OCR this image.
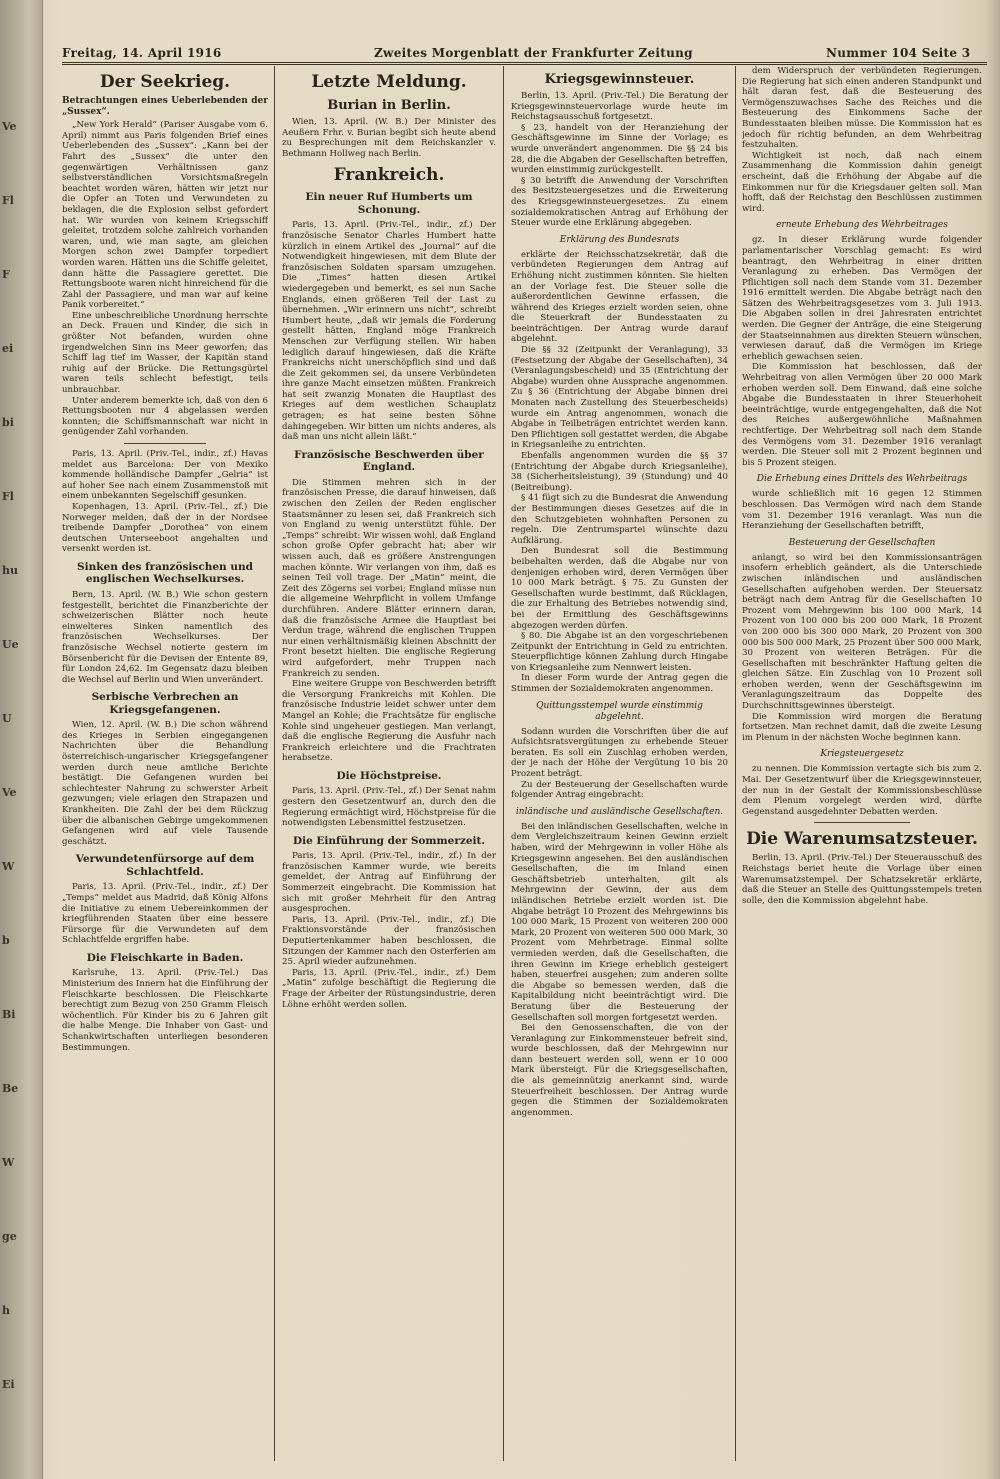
Ve
Fl
F
ei
bi
Fl
hu
Ue
U
Ve
W
b
Bi
Be
W
ge
h
Ei
Freitag, 14. April 1916	Zweites Morgenblatt der Frankfurter Zeitung	Nummer 104 Seite 3
Der Seekrieg.
Betrachtungen eines Ueberlebenden der „Sussex“.
„New York Herald“ (Pariser Ausgabe vom 6. April) nimmt aus Paris folgenden Brief eines Ueberlebenden des „Sussex“: „Kann bei der Fahrt des „Sussex“ die unter den gegenwärtigen Verhältnissen ganz selbstverständlichen Vorsichtsmaßregeln beachtet worden wären, hätten wir jetzt nur die Opfer an Toten und Verwundeten zu beklagen, die die Explosion selbst gefordert hat. Wir wurden von keinem Kriegsschiff geleitet, trotzdem solche zahlreich vorhanden waren, und, wie man sagte, am gleichen Morgen schon zwei Dampfer torpediert worden waren. Hätten uns die Schiffe geleitet, dann hätte die Passagiere gerettet. Die Rettungsboote waren nicht hinreichend für die Zahl der Passagiere, und man war auf keine Panik vorbereitet.“
Eine unbeschreibliche Unordnung herrschte an Deck. Frauen und Kinder, die sich in größter Not befanden, wurden ohne irgendwelchen Sinn ins Meer geworfen; das Schiff lag tief im Wasser, der Kapitän stand ruhig auf der Brücke. Die Rettungsgürtel waren teils schlecht befestigt, teils unbrauchbar.
Unter anderem bemerkte ich, daß von den 6 Rettungsbooten nur 4 abgelassen werden konnten; die Schiffsmannschaft war nicht in genügender Zahl vorhanden.
Paris, 13. April. (Priv.-Tel., indir., zf.) Havas meldet aus Barcelona: Der von Mexiko kommende holländische Dampfer „Gelria“ ist auf hoher See nach einem Zusammenstoß mit einem unbekannten Segelschiff gesunken.
Kopenhagen, 13. April. (Priv.-Tel., zf.) Die Norweger melden, daß der in der Nordsee treibende Dampfer „Dorothea“ von einem deutschen Unterseeboot angehalten und versenkt worden ist.
Sinken des französischen und englischen Wechselkurses.
Bern, 13. April. (W. B.) Wie schon gestern festgestellt, berichtet die Finanzberichte der schweizerischen Blätter noch heute einwelteres Sinken namentlich des französischen Wechselkurses. Der französische Wechsel notierte gestern im Börsenbericht für die Devisen der Entente 89, für London 24,62. Im Gegensatz dazu bleiben die Wechsel auf Berlin und Wien unverändert.
Serbische Verbrechen an Kriegsgefangenen.
Wien, 12. April. (W. B.) Die schon während des Krieges in Serbien eingegangenen Nachrichten über die Behandlung österreichisch-ungarischer Kriegsgefangener werden durch neue amtliche Berichte bestätigt. Die Gefangenen wurden bei schlechtester Nahrung zu schwerster Arbeit gezwungen; viele erlagen den Strapazen und Krankheiten. Die Zahl der bei dem Rückzug über die albanischen Gebirge umgekommenen Gefangenen wird auf viele Tausende geschätzt.
Verwundetenfürsorge auf dem Schlachtfeld.
Paris, 13. April. (Priv.-Tel., indir., zf.) Der „Temps“ meldet aus Madrid, daß König Alfons die Initiative zu einem Uebereinkommen der kriegführenden Staaten über eine bessere Fürsorge für die Verwundeten auf dem Schlachtfelde ergriffen habe.
Die Fleischkarte in Baden.
Karlsruhe, 13. April. (Priv.-Tel.) Das Ministerium des Innern hat die Einführung der Fleischkarte beschlossen. Die Fleischkarte berechtigt zum Bezug von 250 Gramm Fleisch wöchentlich. Für Kinder bis zu 6 Jahren gilt die halbe Menge. Die Inhaber von Gast- und Schankwirtschaften unterliegen besonderen Bestimmungen.
Letzte Meldung.
Burian in Berlin.
Wien, 13. April. (W. B.) Der Minister des Aeußern Frhr. v. Burian begibt sich heute abend zu Besprechungen mit dem Reichskanzler v. Bethmann Hollweg nach Berlin.
Frankreich.
Ein neuer Ruf Humberts um Schonung.
Paris, 13. April. (Priv.-Tel., indir., zf.) Der französische Senator Charles Humbert hatte kürzlich in einem Artikel des „Journal“ auf die Notwendigkeit hingewiesen, mit dem Blute der französischen Soldaten sparsam umzugehen. Die „Times“ hatten diesen Artikel wiedergegeben und bemerkt, es sei nun Sache Englands, einen größeren Teil der Last zu übernehmen. „Wir erinnern uns nicht“, schreibt Humbert heute, „daß wir jemals die Forderung gestellt hätten, England möge Frankreich Menschen zur Verfügung stellen. Wir haben lediglich darauf hingewiesen, daß die Kräfte Frankreichs nicht unerschöpflich sind und daß die Zeit gekommen sei, da unsere Verbündeten ihre ganze Macht einsetzen müßten. Frankreich hat seit zwanzig Monaten die Hauptlast des Krieges auf dem westlichen Schauplatz getragen; es hat seine besten Söhne dahingegeben. Wir bitten um nichts anderes, als daß man uns nicht allein läßt.“
Französische Beschwerden über England.
Die Stimmen mehren sich in der französischen Presse, die darauf hinweisen, daß zwischen den Zeilen der Reden englischer Staatsmänner zu lesen sei, daß Frankreich sich von England zu wenig unterstützt fühle. Der „Temps“ schreibt: Wir wissen wohl, daß England schon große Opfer gebracht hat; aber wir wissen auch, daß es größere Anstrengungen machen könnte. Wir verlangen von ihm, daß es seinen Teil voll trage. Der „Matin“ meint, die Zeit des Zögerns sei vorbei; England müsse nun die allgemeine Wehrpflicht in vollem Umfange durchführen. Andere Blätter erinnern daran, daß die französische Armee die Hauptlast bei Verdun trage, während die englischen Truppen nur einen verhältnismäßig kleinen Abschnitt der Front besetzt hielten. Die englische Regierung wird aufgefordert, mehr Truppen nach Frankreich zu senden.
Eine weitere Gruppe von Beschwerden betrifft die Versorgung Frankreichs mit Kohlen. Die französische Industrie leidet schwer unter dem Mangel an Kohle; die Frachtsätze für englische Kohle sind ungeheuer gestiegen. Man verlangt, daß die englische Regierung die Ausfuhr nach Frankreich erleichtere und die Frachtraten herabsetze.
Die Höchstpreise.
Paris, 13. April. (Priv.-Tel., zf.) Der Senat nahm gestern den Gesetzentwurf an, durch den die Regierung ermächtigt wird, Höchstpreise für die notwendigsten Lebensmittel festzusetzen.
Die Einführung der Sommerzeit.
Paris, 13. April. (Priv.-Tel., indir., zf.) In der französischen Kammer wurde, wie bereits gemeldet, der Antrag auf Einführung der Sommerzeit eingebracht. Die Kommission hat sich mit großer Mehrheit für den Antrag ausgesprochen.
Paris, 13. April. (Priv.-Tel., indir., zf.) Die Fraktionsvorstände der französischen Deputiertenkammer haben beschlossen, die Sitzungen der Kammer nach den Osterferien am 25. April wieder aufzunehmen.
Paris, 13. April. (Priv.-Tel., indir., zf.) Dem „Matin“ zufolge beschäftigt die Regierung die Frage der Arbeiter der Rüstungsindustrie, deren Löhne erhöht werden sollen.
Kriegsgewinnsteuer.
Berlin, 13. April. (Priv.-Tel.) Die Beratung der Kriegsgewinnsteuervorlage wurde heute im Reichstagsausschuß fortgesetzt.
§ 23, handelt von der Heranziehung der Geschäftsgewinne im Sinne der Vorlage; es wurde unverändert angenommen. Die §§ 24 bis 28, die die Abgaben der Gesellschaften betreffen, wurden einstimmig zurückgestellt.
§ 30 betrifft die Anwendung der Vorschriften des Besitzsteuergesetzes und die Erweiterung des Kriegsgewinnsteuergesetzes. Zu einem sozialdemokratischen Antrag auf Erhöhung der Steuer wurde eine Erklärung abgegeben.
Erklärung des Bundesrats
erklärte der Reichsschatzsekretär, daß die verbündeten Regierungen dem Antrag auf Erhöhung nicht zustimmen könnten. Sie hielten an der Vorlage fest. Die Steuer solle die außerordentlichen Gewinne erfassen, die während des Krieges erzielt worden seien, ohne die Steuerkraft der Bundesstaaten zu beeinträchtigen. Der Antrag wurde darauf abgelehnt.
Die §§ 32 (Zeitpunkt der Veranlagung), 33 (Festsetzung der Abgabe der Gesellschaften), 34 (Veranlagungsbescheid) und 35 (Entrichtung der Abgabe) wurden ohne Aussprache angenommen. Zu § 36 (Entrichtung der Abgabe binnen drei Monaten nach Zustellung des Steuerbescheids) wurde ein Antrag angenommen, wonach die Abgabe in Teilbeträgen entrichtet werden kann. Den Pflichtigen soll gestattet werden, die Abgabe in Kriegsanleihe zu entrichten.
Ebenfalls angenommen wurden die §§ 37 (Entrichtung der Abgabe durch Kriegsanleihe), 38 (Sicherheitsleistung), 39 (Stundung) und 40 (Beitreibung).
§ 41 fügt sich zu die Bundesrat die Anwendung der Bestimmungen dieses Gesetzes auf die in den Schutzgebieten wohnhaften Personen zu regeln. Die Zentrumspartei wünschte dazu Aufklärung.
Den Bundesrat soll die Bestimmung beibehalten werden, daß die Abgabe nur von denjenigen erhoben wird, deren Vermögen über 10 000 Mark beträgt. § 75. Zu Gunsten der Gesellschaften wurde bestimmt, daß Rücklagen, die zur Erhaltung des Betriebes notwendig sind, bei der Ermittlung des Geschäftsgewinns abgezogen werden dürfen.
§ 80. Die Abgabe ist an den vorgeschriebenen Zeitpunkt der Entrichtung in Geld zu entrichten. Steuerpflichtige können Zahlung durch Hingabe von Kriegsanleihe zum Nennwert leisten.
In dieser Form wurde der Antrag gegen die Stimmen der Sozialdemokraten angenommen.
Quittungsstempel wurde einstimmig abgelehnt.
Sodann wurden die Vorschriften über die auf Aufsichtsratsvergütungen zu erhebende Steuer beraten. Es soll ein Zuschlag erhoben werden, der je nach der Höhe der Vergütung 10 bis 20 Prozent beträgt.
Zu der Besteuerung der Gesellschaften wurde folgender Antrag eingebracht:
inländische und ausländische Gesellschaften.
Bei den inländischen Gesellschaften, welche in dem Vergleichszeitraum keinen Gewinn erzielt haben, wird der Mehrgewinn in voller Höhe als Kriegsgewinn angesehen. Bei den ausländischen Gesellschaften, die im Inland einen Geschäftsbetrieb unterhalten, gilt als Mehrgewinn der Gewinn, der aus dem inländischen Betriebe erzielt worden ist. Die Abgabe beträgt 10 Prozent des Mehrgewinns bis 100 000 Mark, 15 Prozent von weiteren 200 000 Mark, 20 Prozent von weiteren 500 000 Mark, 30 Prozent vom Mehrbetrage. Einmal sollte vermieden werden, daß die Gesellschaften, die ihren Gewinn im Kriege erheblich gesteigert haben, steuerfrei ausgehen; zum anderen sollte die Abgabe so bemessen werden, daß die Kapitalbildung nicht beeinträchtigt wird. Die Beratung über die Besteuerung der Gesellschaften soll morgen fortgesetzt werden.
Bei den Genossenschaften, die von der Veranlagung zur Einkommensteuer befreit sind, wurde beschlossen, daß der Mehrgewinn nur dann besteuert werden soll, wenn er 10 000 Mark übersteigt. Für die Kriegsgesellschaften, die als gemeinnützig anerkannt sind, wurde Steuerfreiheit beschlossen. Der Antrag wurde gegen die Stimmen der Sozialdemokraten angenommen.
dem Widerspruch der verbündeten Regierungen. Die Regierung hat sich einen anderen Standpunkt und hält daran fest, daß die Besteuerung des Vermögenszuwachses Sache des Reiches und die Besteuerung des Einkommens Sache der Bundesstaaten bleiben müsse. Die Kommission hat es jedoch für richtig befunden, an dem Wehrbeitrag festzuhalten.
Wichtigkeit ist noch, daß nach einem Zusammenhang die Kommission dahin geneigt erscheint, daß die Erhöhung der Abgabe auf die Einkommen nur für die Kriegsdauer gelten soll. Man hofft, daß der Reichstag den Beschlüssen zustimmen wird.
erneute Erhebung des Wehrbeitrages
gz. In dieser Erklärung wurde folgender parlamentarischer Vorschlag gemacht: Es wird beantragt, den Wehrbeitrag in einer dritten Veranlagung zu erheben. Das Vermögen der Pflichtigen soll nach dem Stande vom 31. Dezember 1916 ermittelt werden. Die Abgabe beträgt nach den Sätzen des Wehrbeitragsgesetzes vom 3. Juli 1913. Die Abgaben sollen in drei Jahresraten entrichtet werden. Die Gegner der Anträge, die eine Steigerung der Staatseinnahmen aus direkten Steuern wünschen, verwiesen darauf, daß die Vermögen im Kriege erheblich gewachsen seien.
Die Kommission hat beschlossen, daß der Wehrbeitrag von allen Vermögen über 20 000 Mark erhoben werden soll. Dem Einwand, daß eine solche Abgabe die Bundesstaaten in ihrer Steuerhoheit beeinträchtige, wurde entgegengehalten, daß die Not des Reiches außergewöhnliche Maßnahmen rechtfertige. Der Wehrbeitrag soll nach dem Stande des Vermögens vom 31. Dezember 1916 veranlagt werden. Die Steuer soll mit 2 Prozent beginnen und bis 5 Prozent steigen.
Die Erhebung eines Drittels des Wehrbeitrags
wurde schließlich mit 16 gegen 12 Stimmen beschlossen. Das Vermögen wird nach dem Stande vom 31. Dezember 1916 veranlagt. Was nun die Heranziehung der Gesellschaften betrifft,
Besteuerung der Gesellschaften
anlangt, so wird bei den Kommissionsanträgen insofern erheblich geändert, als die Unterschiede zwischen inländischen und ausländischen Gesellschaften aufgehoben werden. Der Steuersatz beträgt nach dem Antrag für die Gesellschaften 10 Prozent vom Mehrgewinn bis 100 000 Mark, 14 Prozent von 100 000 bis 200 000 Mark, 18 Prozent von 200 000 bis 300 000 Mark, 20 Prozent von 300 000 bis 500 000 Mark, 25 Prozent über 500 000 Mark, 30 Prozent von weiteren Beträgen. Für die Gesellschaften mit beschränkter Haftung gelten die gleichen Sätze. Ein Zuschlag von 10 Prozent soll erhoben werden, wenn der Geschäftsgewinn im Veranlagungszeitraum das Doppelte des Durchschnittsgewinnes übersteigt.
Die Kommission wird morgen die Beratung fortsetzen. Man rechnet damit, daß die zweite Lesung im Plenum in der nächsten Woche beginnen kann.
Kriegsteuergesetz
zu nennen. Die Kommission vertagte sich bis zum 2. Mai. Der Gesetzentwurf über die Kriegsgewinnsteuer, der nun in der Gestalt der Kommissionsbeschlüsse dem Plenum vorgelegt werden wird, dürfte Gegenstand ausgedehnter Debatten werden.
Die Warenumsatzsteuer.
Berlin, 13. April. (Priv.-Tel.) Der Steuerausschuß des Reichstags beriet heute die Vorlage über einen Warenumsatzstempel. Der Schatzsekretär erklärte, daß die Steuer an Stelle des Quittungsstempels treten solle, den die Kommission abgelehnt habe.
